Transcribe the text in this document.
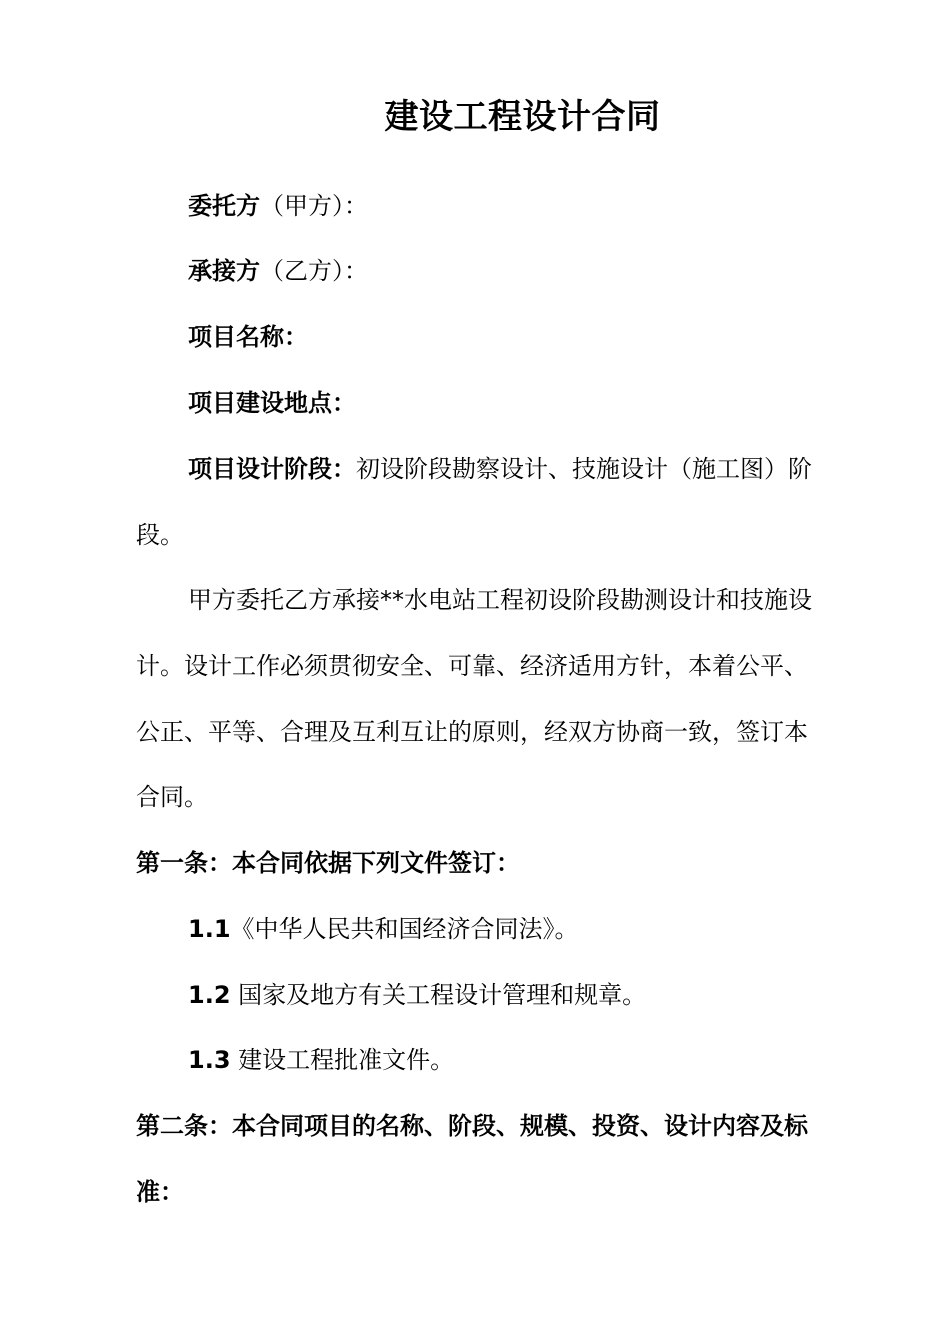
建设工程设计合同
委托方（甲方）：
承接方（乙方）：
项目名称：
项目建设地点：
项目设计阶段：初设阶段勘察设计、技施设计（施工图）阶
段。
甲方委托乙方承接**水电站工程初设阶段勘测设计和技施设
计。设计工作必须贯彻安全、可靠、经济适用方针，本着公平、
公正、平等、合理及互利互让的原则，经双方协商一致，签订本
合同。
第一条：本合同依据下列文件签订：
1.1《中华人民共和国经济合同法》。
1.2 国家及地方有关工程设计管理和规章。
1.3 建设工程批准文件。
第二条：本合同项目的名称、阶段、规模、投资、设计内容及标
准：
